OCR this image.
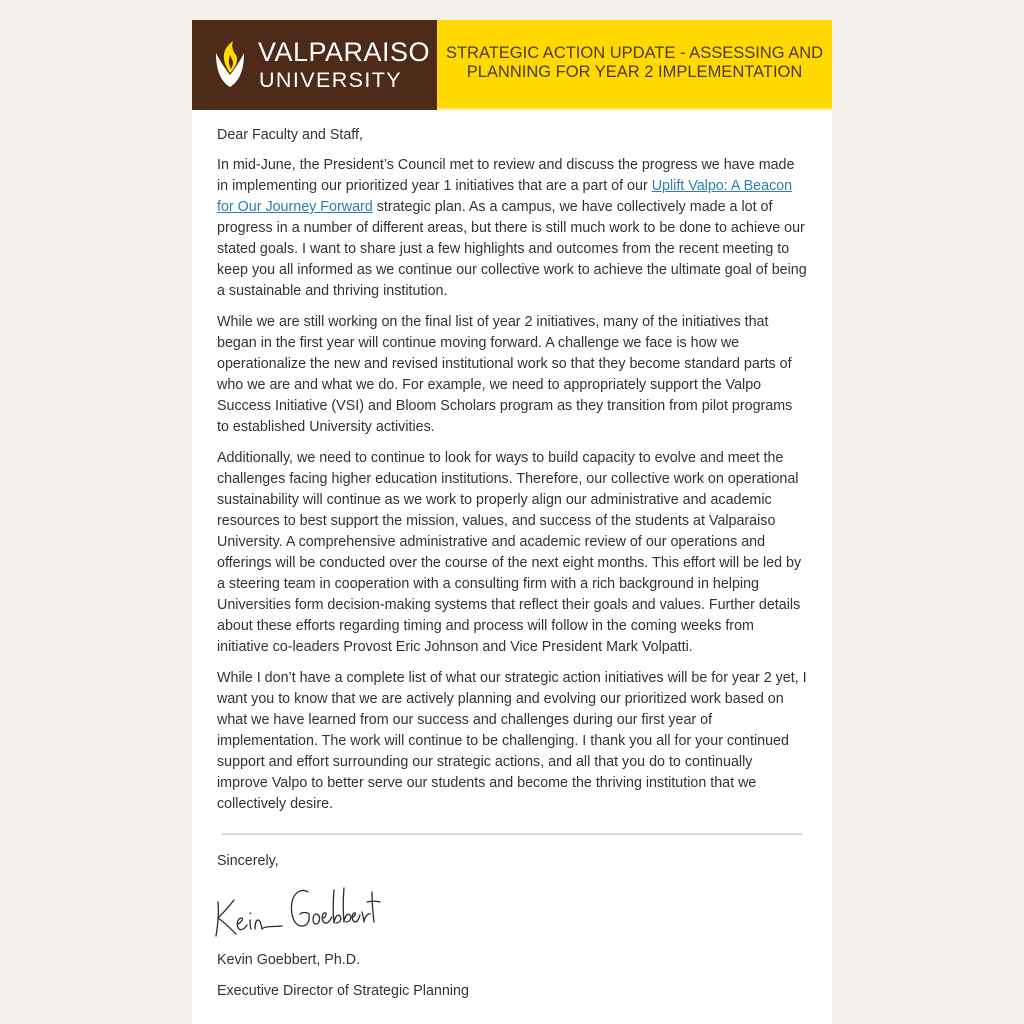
VALPARAISO
UNIVERSITY
STRATEGIC ACTION UPDATE - ASSESSING AND PLANNING FOR YEAR 2 IMPLEMENTATION

Dear Faculty and Staff,

In mid-June, the President’s Council met to review and discuss the progress we have made in implementing our prioritized year 1 initiatives that are a part of our Uplift Valpo: A Beacon for Our Journey Forward strategic plan. As a campus, we have collectively made a lot of progress in a number of different areas, but there is still much work to be done to achieve our stated goals. I want to share just a few highlights and outcomes from the recent meeting to keep you all informed as we continue our collective work to achieve the ultimate goal of being a sustainable and thriving institution.

While we are still working on the final list of year 2 initiatives, many of the initiatives that began in the first year will continue moving forward. A challenge we face is how we operationalize the new and revised institutional work so that they become standard parts of who we are and what we do. For example, we need to appropriately support the Valpo Success Initiative (VSI) and Bloom Scholars program as they transition from pilot programs to established University activities.

Additionally, we need to continue to look for ways to build capacity to evolve and meet the challenges facing higher education institutions. Therefore, our collective work on operational sustainability will continue as we work to properly align our administrative and academic resources to best support the mission, values, and success of the students at Valparaiso University. A comprehensive administrative and academic review of our operations and offerings will be conducted over the course of the next eight months. This effort will be led by a steering team in cooperation with a consulting firm with a rich background in helping Universities form decision-making systems that reflect their goals and values. Further details about these efforts regarding timing and process will follow in the coming weeks from initiative co-leaders Provost Eric Johnson and Vice President Mark Volpatti.

While I don’t have a complete list of what our strategic action initiatives will be for year 2 yet, I want you to know that we are actively planning and evolving our prioritized work based on what we have learned from our success and challenges during our first year of implementation. The work will continue to be challenging. I thank you all for your continued support and effort surrounding our strategic actions, and all that you do to continually improve Valpo to better serve our students and become the thriving institution that we collectively desire.

Sincerely,

Kevin Goebbert, Ph.D.

Executive Director of Strategic Planning
